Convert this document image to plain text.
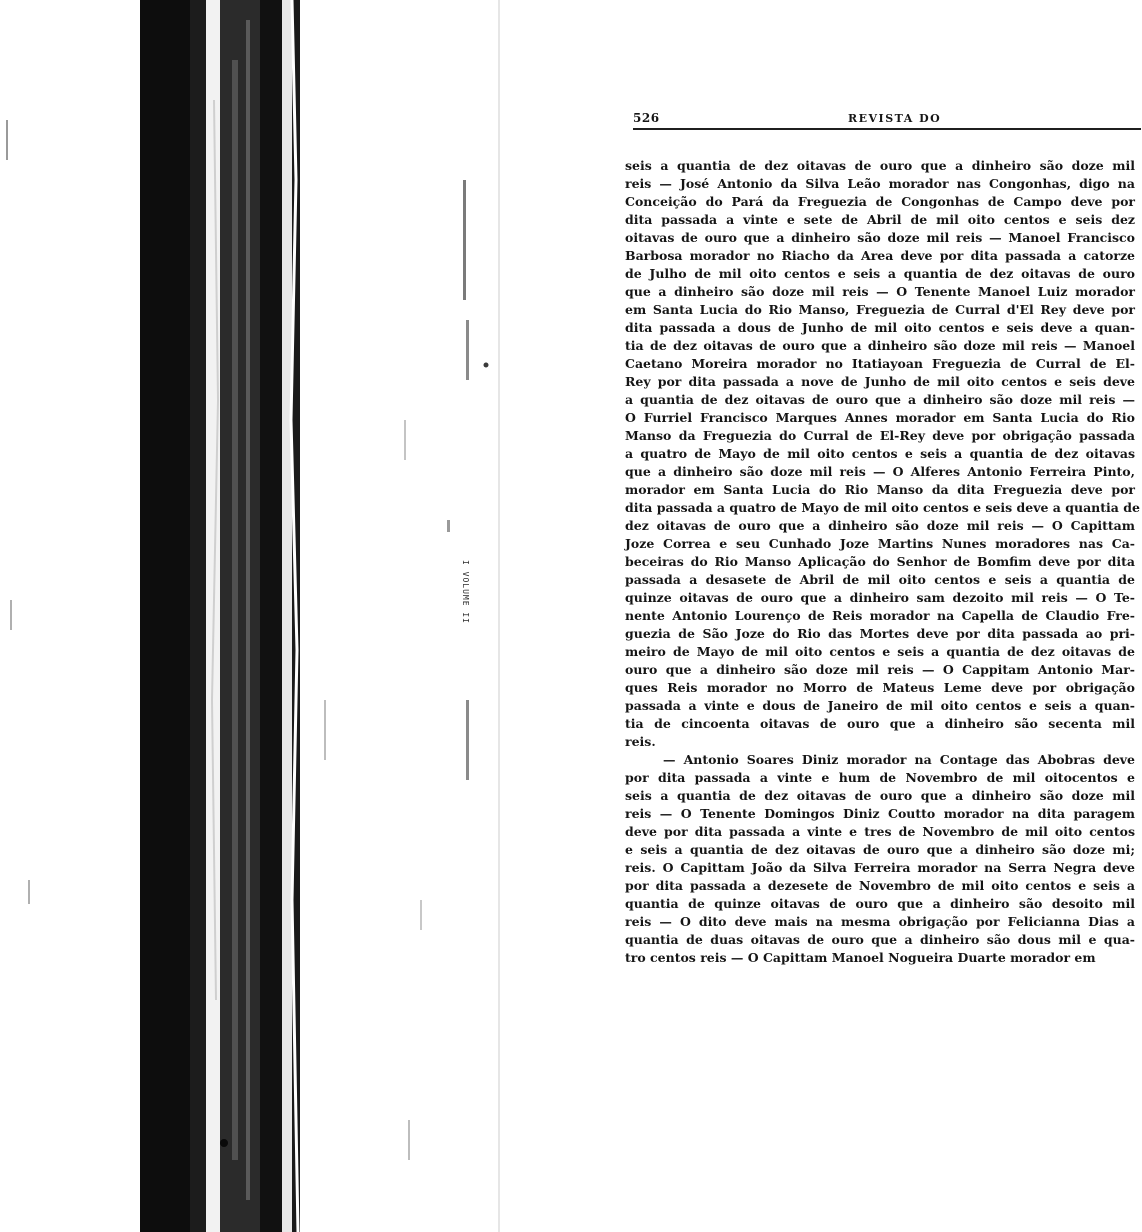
I VOLUME II
526	REVISTA DO
seis a quantia de dez oitavas de ouro que a dinheiro são doze mil
reis — José Antonio da Silva Leão morador nas Congonhas, digo na
Conceição do Pará da Freguezia de Congonhas de Campo deve por
dita passada a vinte e sete de Abril de mil oito centos e seis dez
oitavas de ouro que a dinheiro são doze mil reis — Manoel Francisco
Barbosa morador no Riacho da Area deve por dita passada a catorze
de Julho de mil oito centos e seis a quantia de dez oitavas de ouro
que a dinheiro são doze mil reis — O Tenente Manoel Luiz morador
em Santa Lucia do Rio Manso, Freguezia de Curral d'El Rey deve por
dita passada a dous de Junho de mil oito centos e seis deve a quan-
tia de dez oitavas de ouro que a dinheiro são doze mil reis — Manoel
Caetano Moreira morador no Itatiayoan Freguezia de Curral de El-
Rey por dita passada a nove de Junho de mil oito centos e seis deve
a quantia de dez oitavas de ouro que a dinheiro são doze mil reis —
O Furriel Francisco Marques Annes morador em Santa Lucia do Rio
Manso da Freguezia do Curral de El-Rey deve por obrigação passada
a quatro de Mayo de mil oito centos e seis a quantia de dez oitavas
que a dinheiro são doze mil reis — O Alferes Antonio Ferreira Pinto,
morador em Santa Lucia do Rio Manso da dita Freguezia deve por
dita passada a quatro de Mayo de mil oito centos e seis deve a quantia de
dez oitavas de ouro que a dinheiro são doze mil reis — O Capittam
Joze Correa e seu Cunhado Joze Martins Nunes moradores nas Ca-
beceiras do Rio Manso Aplicação do Senhor de Bomfim deve por dita
passada a desasete de Abril de mil oito centos e seis a quantia de
quinze oitavas de ouro que a dinheiro sam dezoito mil reis — O Te-
nente Antonio Lourenço de Reis morador na Capella de Claudio Fre-
guezia de São Joze do Rio das Mortes deve por dita passada ao pri-
meiro de Mayo de mil oito centos e seis a quantia de dez oitavas de
ouro que a dinheiro são doze mil reis — O Cappitam Antonio Mar-
ques Reis morador no Morro de Mateus Leme deve por obrigação
passada a vinte e dous de Janeiro de mil oito centos e seis a quan-
tia de cincoenta oitavas de ouro que a dinheiro são secenta mil
reis.
— Antonio Soares Diniz morador na Contage das Abobras deve
por dita passada a vinte e hum de Novembro de mil oitocentos e
seis a quantia de dez oitavas de ouro que a dinheiro são doze mil
reis — O Tenente Domingos Diniz Coutto morador na dita paragem
deve por dita passada a vinte e tres de Novembro de mil oito centos
e seis a quantia de dez oitavas de ouro que a dinheiro são doze mi;
reis. O Capittam João da Silva Ferreira morador na Serra Negra deve
por dita passada a dezesete de Novembro de mil oito centos e seis a
quantia de quinze oitavas de ouro que a dinheiro são desoito mil
reis — O dito deve mais na mesma obrigação por Felicianna Dias a
quantia de duas oitavas de ouro que a dinheiro são dous mil e qua-
tro centos reis — O Capittam Manoel Nogueira Duarte morador em
